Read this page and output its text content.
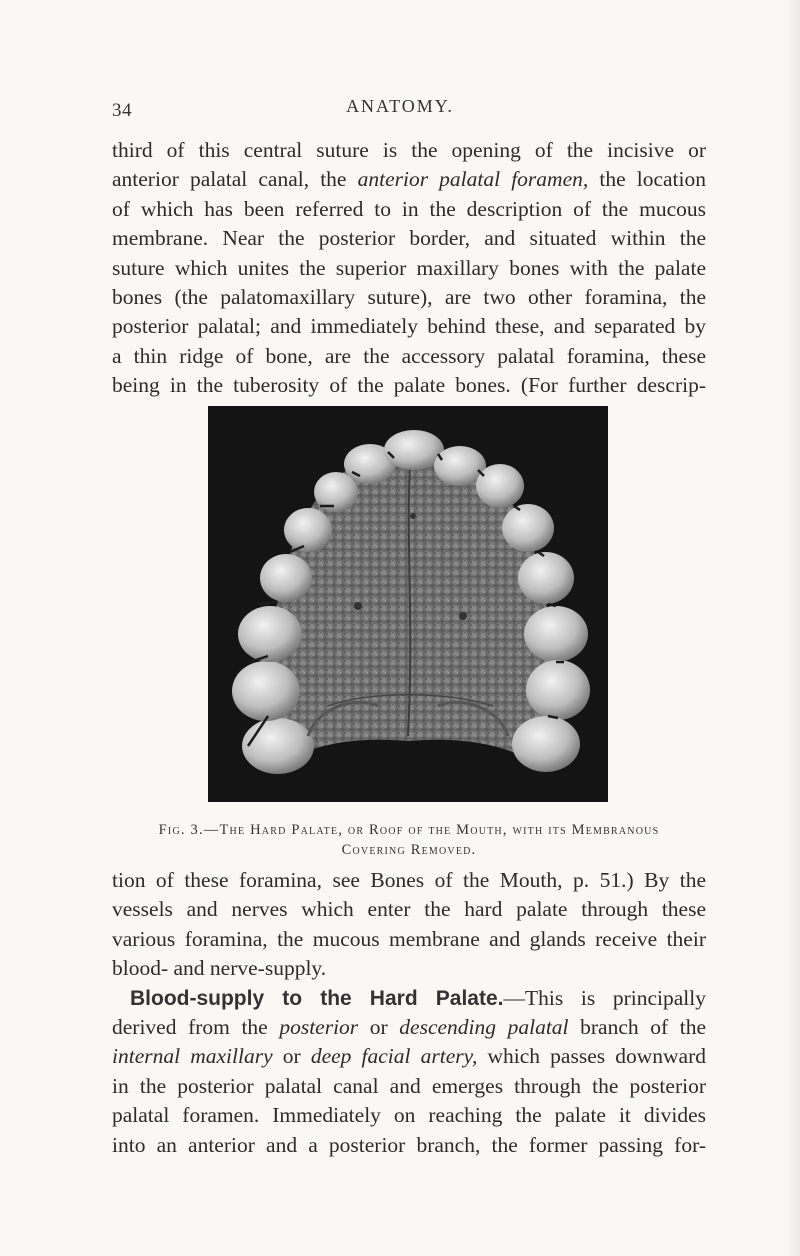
34	ANATOMY.

third of this central suture is the opening of the incisive or
anterior palatal canal, the anterior palatal foramen, the location
of which has been referred to in the description of the mucous
membrane. Near the posterior border, and situated within the
suture which unites the superior maxillary bones with the palate
bones (the palatomaxillary suture), are two other foramina, the
posterior palatal; and immediately behind these, and separated by
a thin ridge of bone, are the accessory palatal foramina, these
being in the tuberosity of the palate bones. (For further descrip-

Fig. 3.—The Hard Palate, or Roof of the Mouth, with its Membranous
Covering Removed.

tion of these foramina, see Bones of the Mouth, p. 51.) By the
vessels and nerves which enter the hard palate through these
various foramina, the mucous membrane and glands receive their
blood- and nerve-supply.
Blood-supply to the Hard Palate.—This is principally
derived from the posterior or descending palatal branch of the
internal maxillary or deep facial artery, which passes downward
in the posterior palatal canal and emerges through the posterior
palatal foramen. Immediately on reaching the palate it divides
into an anterior and a posterior branch, the former passing for-
